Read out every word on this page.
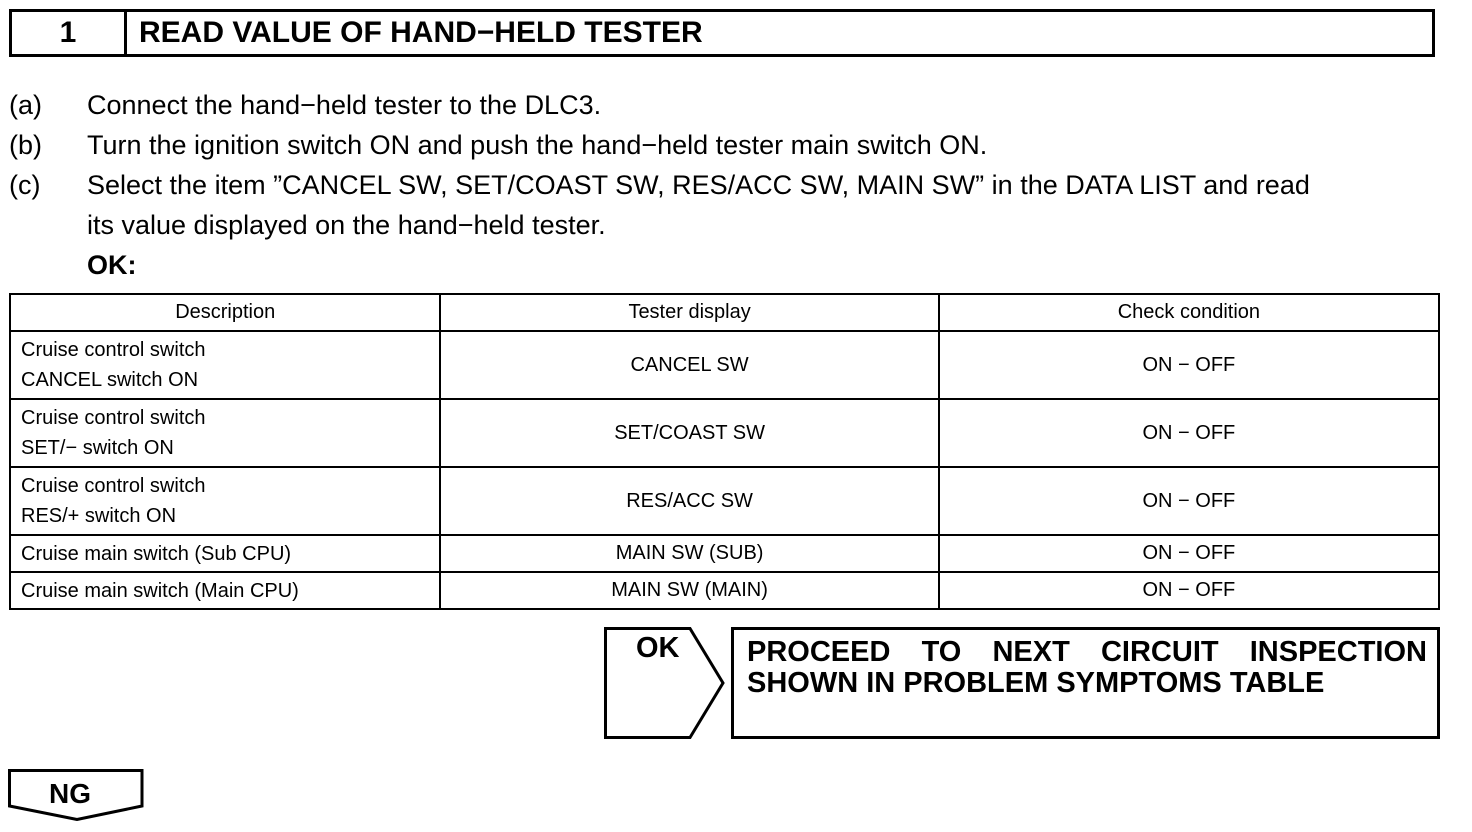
1	READ VALUE OF HAND−HELD TESTER
(a) Connect the hand−held tester to the DLC3.
(b) Turn the ignition switch ON and push the hand−held tester main switch ON.
(c) Select the item ”CANCEL SW, SET/COAST SW, RES/ACC SW, MAIN SW” in the DATA LIST and read
its value displayed on the hand−held tester.
OK:
Description	Tester display	Check condition

Cruise control switch
CANCEL switch ON	CANCEL SW	ON − OFF

Cruise control switch
SET/− switch ON	SET/COAST SW	ON − OFF

Cruise control switch
RES/+ switch ON	RES/ACC SW	ON − OFF
Cruise main switch (Sub CPU)	MAIN SW (SUB)	ON − OFF
Cruise main switch (Main CPU)	MAIN SW (MAIN)	ON − OFF
OK PROCEED TO NEXT CIRCUIT INSPECTION
SHOWN IN PROBLEM SYMPTOMS TABLE
NG
